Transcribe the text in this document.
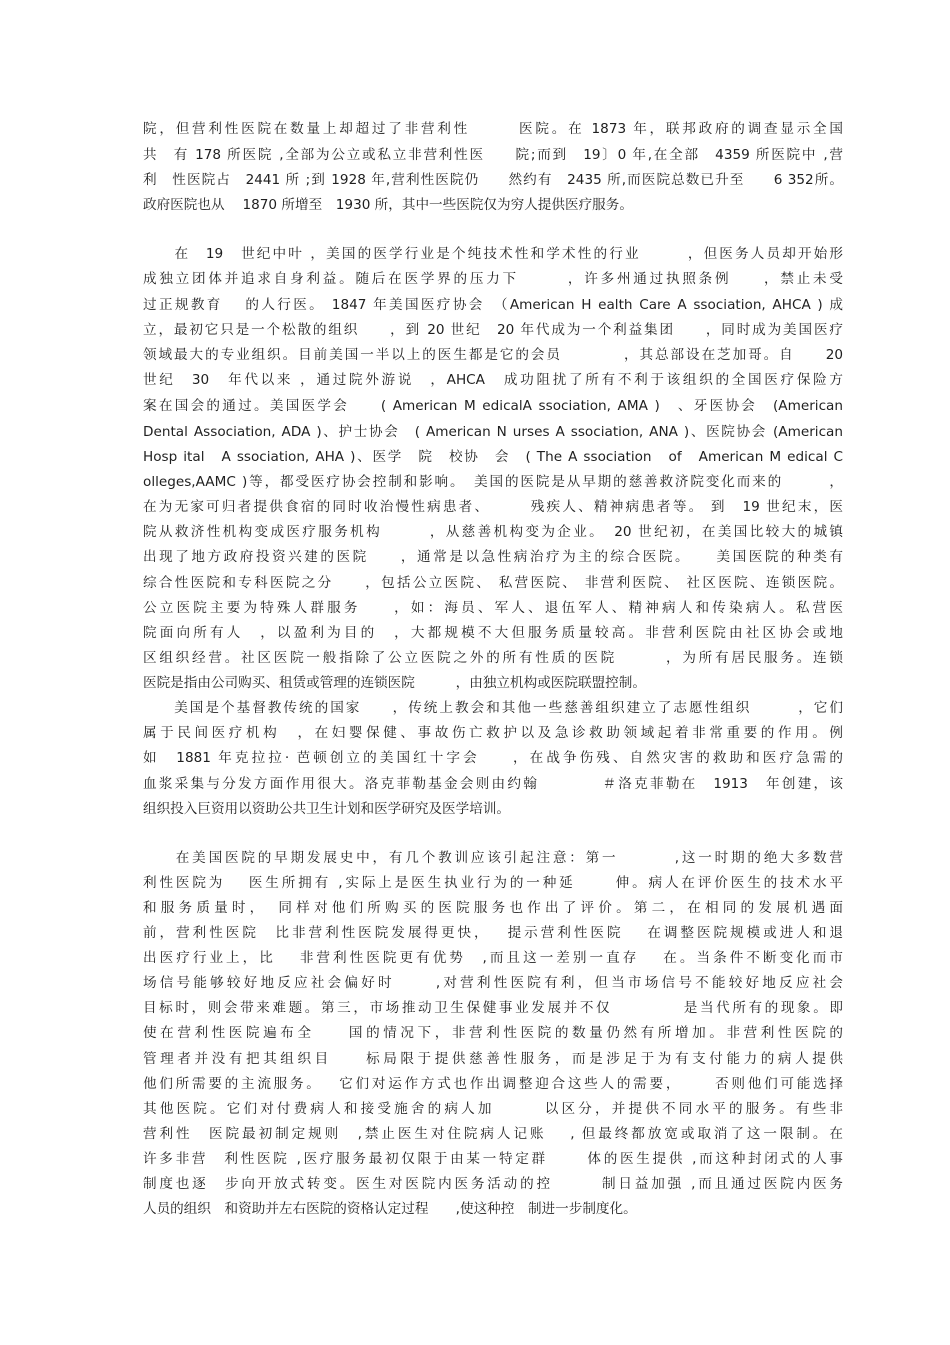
院，但营利性医院在数量上却超过了非营利性　　　医院。在 1873 年，联邦政府的调查显示全国
共　有 178 所医院 ,全部为公立或私立非营利性医　　院;而到　19〕0 年,在全部　4359 所医院中 ,营
利　性医院占　2441 所 ;到 1928 年,营利性医院仍　　然约有　2435 所,而医院总数已升至　　6 352所。
政府医院也从　 1870 所增至　1930 所，其中一些医院仅为穷人提供医疗服务。
　　在　19　世纪中叶 ，美国的医学行业是个纯技术性和学术性的行业　　　，但医务人员却开始形
成独立团体并追求自身利益。随后在医学界的压力下　　　，许多州通过执照条例　　，禁止未受
过正规教育　 的人行医。 1847 年美国医疗协会　（American H ealth Care A ssociation, AHCA ) 成
立，最初它只是一个松散的组织　　，到 20 世纪　20 年代成为一个利益集团　　，同时成为美国医疗
领域最大的专业组织。目前美国一半以上的医生都是它的会员　　　　，其总部设在芝加哥。自　　20
世纪　30　年代以来 ，通过院外游说　，AHCA　成功阻扰了所有不利于该组织的全国医疗保险方
案在国会的通过。美国医学会　　( American M edicalA ssociation, AMA )　、牙医协会　(American
Dental Association, ADA )、护士协会　( American N urses A ssociation, ANA )、医院协会 (American
Hosp ital　A ssociation, AHA )、医学　院　校协　会　( The A ssociation　of　American M edical C
olleges,AAMC )等，都受医疗协会控制和影响。　美国的医院是从早期的慈善救济院变化而来的　　　，
在为无家可归者提供食宿的同时收治慢性病患者、　　　残疾人、精神病患者等。 到　19 世纪末，医
院从救济性机构变成医疗服务机构　　　，从慈善机构变为企业。　20 世纪初，在美国比较大的城镇
出现了地方政府投资兴建的医院　　，通常是以急性病治疗为主的综合医院。　　美国医院的种类有
综合性医院和专科医院之分　　，包括公立医院、 私营医院、 非营利医院、 社区医院、连锁医院。
公立医院主要为特殊人群服务　　，如：海员、军人、退伍军人、精神病人和传染病人。私营医
院面向所有人　，以盈利为目的　，大都规模不大但服务质量较高。非营利医院由社区协会或地
区组织经营。社区医院一般指除了公立医院之外的所有性质的医院　　　，为所有居民服务。连锁
医院是指由公司购买、租赁或管理的连锁医院　　　，由独立机构或医院联盟控制。
　　美国是个基督教传统的国家　　，传统上教会和其他一些慈善组织建立了志愿性组织　　　，它们
属于民间医疗机构　，在妇婴保健、事故伤亡救护以及急诊救助领域起着非常重要的作用。例
如　1881 年克拉拉· 芭顿创立的美国红十字会　　，在战争伤残、自然灾害的救助和医疗急需的
血浆采集与分发方面作用很大。洛克菲勒基金会则由约翰　　　　＃洛克菲勒在　1913　年创建，该
组织投入巨资用以资助公共卫生计划和医学研究及医学培训。
　　在美国医院的早期发展史中，有几个教训应该引起注意：第一　　　 ,这一时期的绝大多数营
利性医院为　 医生所拥有 ,实际上是医生执业行为的一种延　　 伸。病人在评价医生的技术水平
和服务质量时，　同样对他们所购买的医院服务也作出了评价。第二，在相同的发展机遇面
前，营利性医院　比非营利性医院发展得更快，　 提示营利性医院　 在调整医院规模或进人和退
出医疗行业上，比　 非营利性医院更有优势　,而且这一差别一直存　 在。当条件不断变化而市
场信号能够较好地反应社会偏好时　　 ,对营利性医院有利，但当市场信号不能较好地反应社会
目标时，则会带来难题。第三，市场推动卫生保健事业发展并不仅　　　　 是当代所有的现象。即
使在营利性医院遍布全　　国的情况下，非营利性医院的数量仍然有所增加。非营利性医院的
管理者并没有把其组织目　　标局限于提供慈善性服务，而是涉足于为有支付能力的病人提供
他们所需要的主流服务。　 它们对运作方式也作出调整迎合这些人的需要，　　 否则他们可能选择
其他医院。它们对付费病人和接受施舍的病人加　　　以区分，并提供不同水平的服务。有些非
营利性　医院最初制定规则　,禁止医生对住院病人记账　 , 但最终都放宽或取消了这一限制。在
许多非营　利性医院 ,医疗服务最初仅限于由某一特定群　　 体的医生提供 ,而这种封闭式的人事
制度也逐　步向开放式转变。医生对医院内医务活动的控　　　制日益加强 ,而且通过医院内医务
人员的组织　和资助并左右医院的资格认定过程　　,使这种控　制进一步制度化。
